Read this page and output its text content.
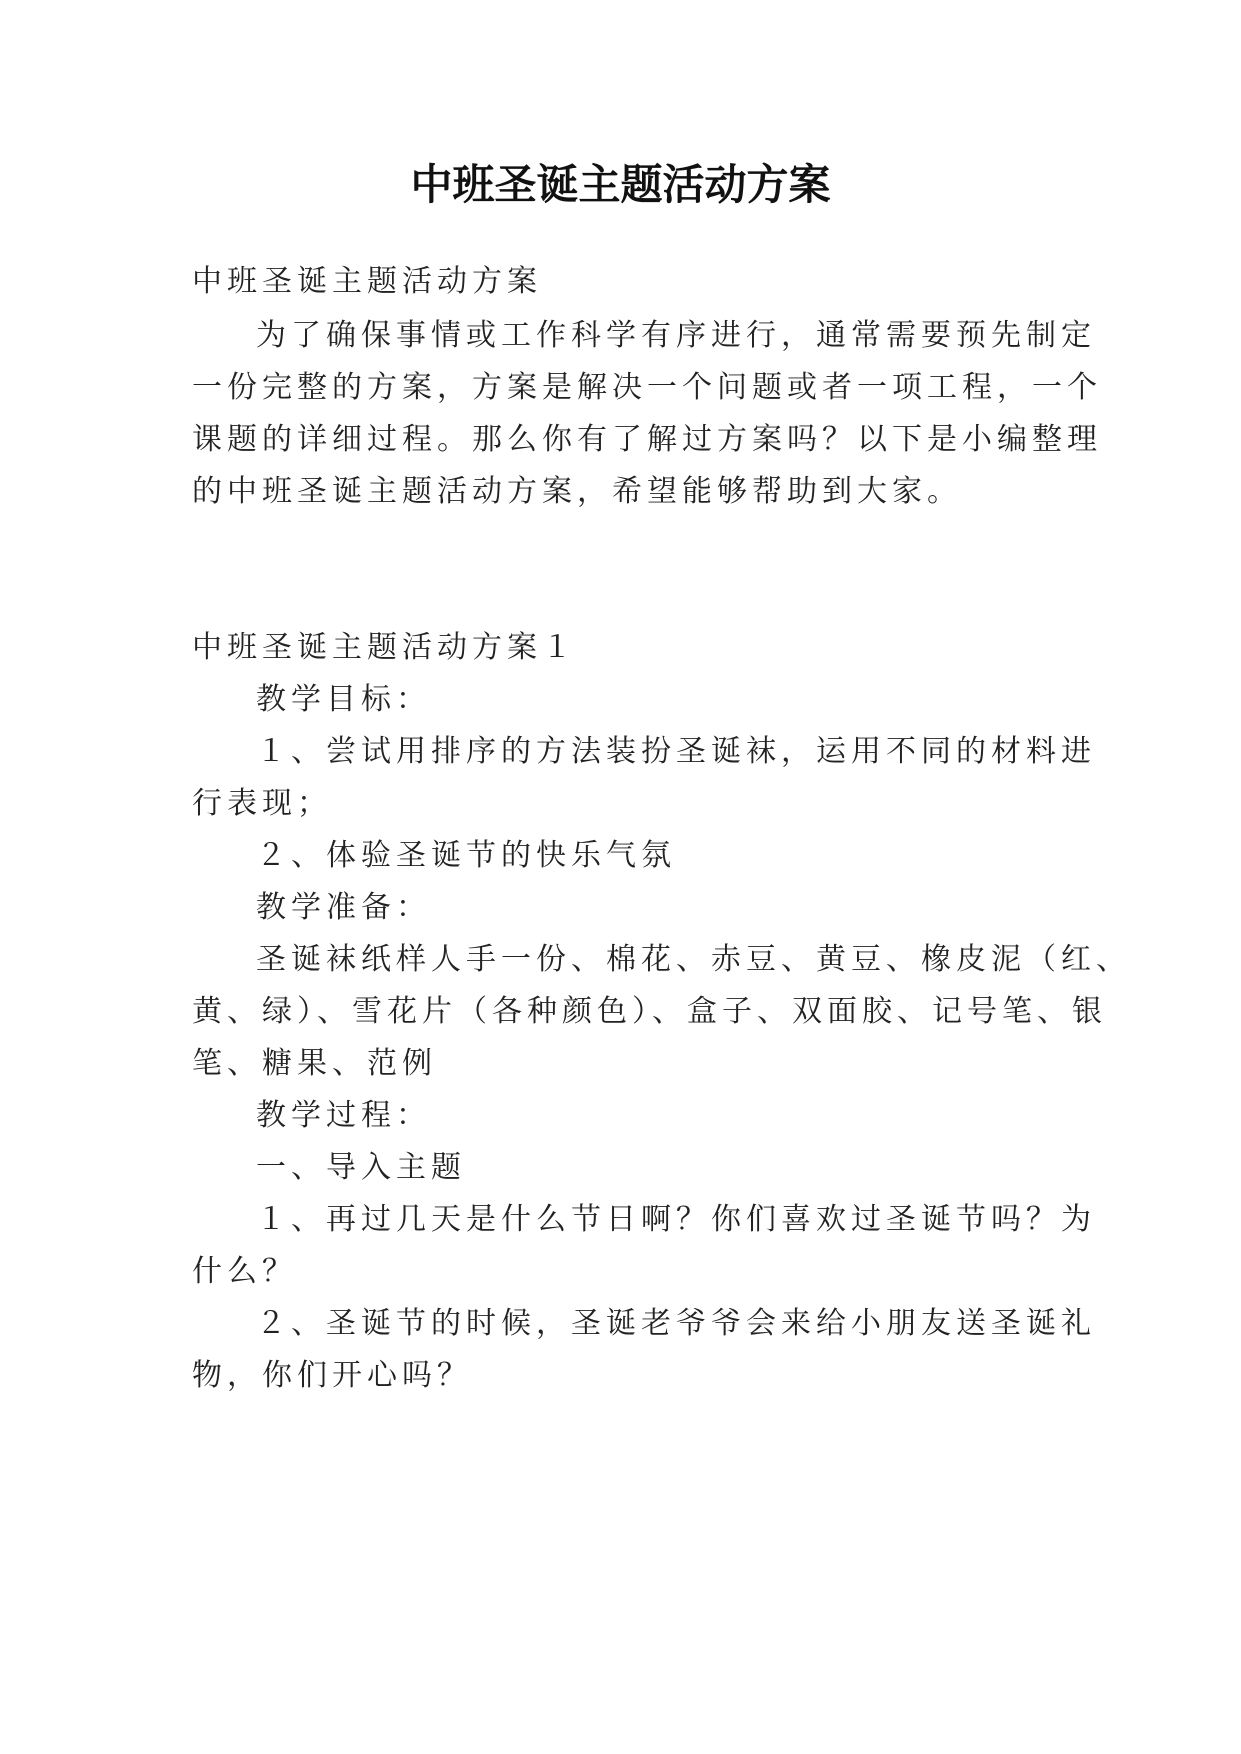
中班圣诞主题活动方案

中班圣诞主题活动方案

为了确保事情或工作科学有序进行，通常需要预先制定

一份完整的方案，方案是解决一个问题或者一项工程，一个

课题的详细过程。那么你有了解过方案吗？以下是小编整理

的中班圣诞主题活动方案，希望能够帮助到大家。

中班圣诞主题活动方案１

教学目标：

１、尝试用排序的方法装扮圣诞袜，运用不同的材料进

行表现；

２、体验圣诞节的快乐气氛

教学准备：

圣诞袜纸样人手一份、棉花、赤豆、黄豆、橡皮泥（红、

黄、绿）、雪花片（各种颜色）、盒子、双面胶、记号笔、银

笔、糖果、范例

教学过程：

一、导入主题

１、再过几天是什么节日啊？你们喜欢过圣诞节吗？为

什么？

２、圣诞节的时候，圣诞老爷爷会来给小朋友送圣诞礼

物，你们开心吗？
